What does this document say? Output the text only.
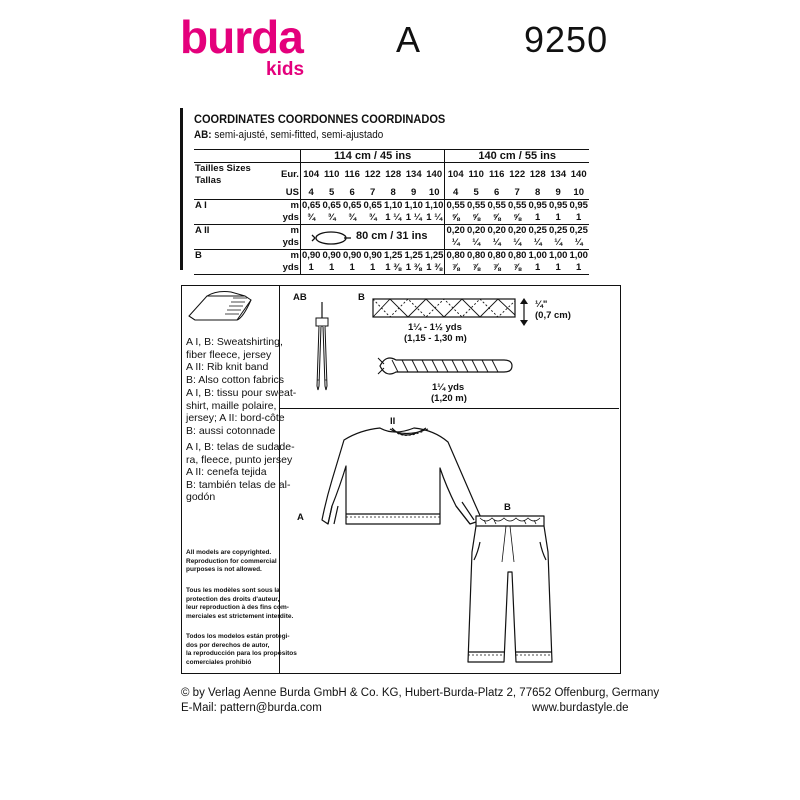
burda
kids
A	9250
COORDINATES COORDONNES COORDINADOS
AB: semi-ajusté, semi-fitted, semi-ajustado
		114 cm / 45 ins							140 cm / 55 ins						
Tailles Sizes Tallas	Eur.	104	110	116	122	128	134	140	104	110	116	122	128	134	140
	US	4	5	6	7	8	9	10	4	5	6	7	8	9	10
A I	m	0,65	0,65	0,65	0,65	1,10	1,10	1,10	0,55	0,55	0,55	0,55	0,95	0,95	0,95
	yds	¾	¾	¾	¾	1 ¼	1 ¼	1 ¼	⅝	⅝	⅝	⅝	1	1	1
A II	m	80 cm / 31 ins							0,20	0,20	0,20	0,20	0,25	0,25	0,25
	yds								¼	¼	¼	¼	¼	¼	¼
B	m	0,90	0,90	0,90	0,90	1,25	1,25	1,25	0,80	0,80	0,80	0,80	1,00	1,00	1,00
	yds	1	1	1	1	1 ⅜	1 ⅜	1 ⅜	⅞	⅞	⅞	⅞	1	1	1
A I, B: Sweatshirting,
fiber fleece, jersey
A II: Rib knit band
B: Also cotton fabrics
A I, B: tissu pour sweat-
shirt, maille polaire,
jersey; A II: bord-côte
B: aussi cotonnade
A I, B: telas de sudade-
ra, fleece, punto jersey
A II: cenefa tejida
B: también telas de al-
godón
All models are copyrighted.
Reproduction for commercial
purposes is not allowed.
Tous les modèles sont sous la
protection des droits d'auteur,
leur reproduction à des fins com-
merciales est strictement interdite.
Todos los modelos están protegi-
dos por derechos de autor,
la reproducción para los propósitos
comerciales prohibió
AB	B
¼"
(0,7 cm)
1¼ - 1½ yds
(1,15 - 1,30 m)
1¼ yds
(1,20 m)
II
A
B
© by Verlag Aenne Burda GmbH & Co. KG, Hubert-Burda-Platz 2, 77652 Offenburg, Germany
E-Mail: pattern@burda.com	www.burdastyle.de
